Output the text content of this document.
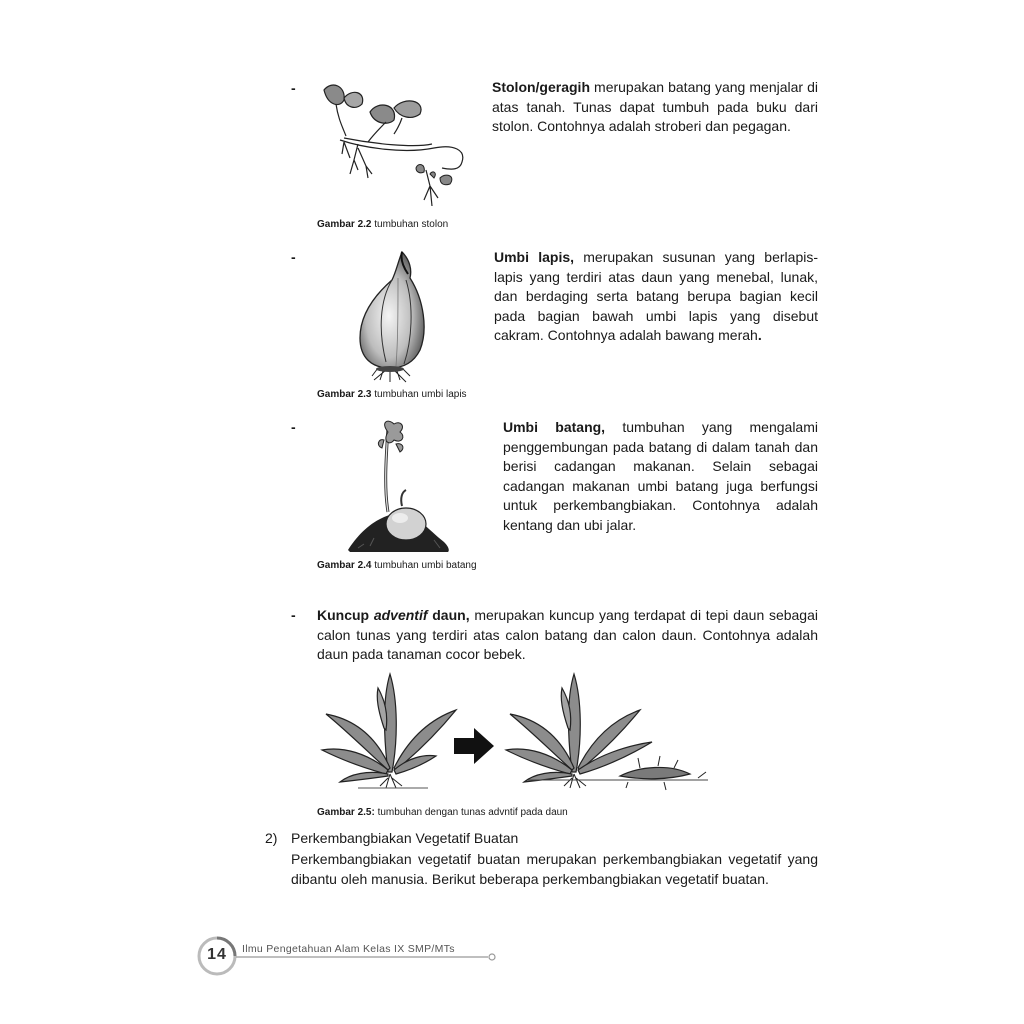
-	Stolon/geragih merupakan batang yang menjalar di atas tanah. Tunas dapat tumbuh pada buku dari stolon. Contohnya adalah stroberi dan pegagan.
Gambar 2.2 tumbuhan stolon
-	Umbi lapis, merupakan susunan yang berlapis-lapis yang terdiri atas daun yang menebal, lunak, dan berdaging serta batang berupa bagian kecil pada bagian bawah umbi lapis yang disebut cakram. Contohnya adalah bawang merah.
Gambar 2.3 tumbuhan umbi lapis
-	Umbi batang, tumbuhan yang mengalami penggembungan pada batang di dalam tanah dan berisi cadangan makanan. Selain sebagai cadangan makanan umbi batang juga berfungsi untuk perkembangbiakan. Contohnya adalah kentang dan ubi jalar.
Gambar 2.4 tumbuhan umbi batang
- Kuncup adventif daun, merupakan kuncup yang terdapat di tepi daun sebagai calon tunas yang terdiri atas calon batang dan calon daun. Contohnya adalah daun pada tanaman cocor bebek.
Gambar 2.5: tumbuhan dengan tunas advntif pada daun
2) Perkembangbiakan Vegetatif Buatan
Perkembangbiakan vegetatif buatan merupakan perkembangbiakan vegetatif yang dibantu oleh manusia. Berikut beberapa perkembangbiakan vegetatif buatan.
14	Ilmu Pengetahuan Alam Kelas IX SMP/MTs
